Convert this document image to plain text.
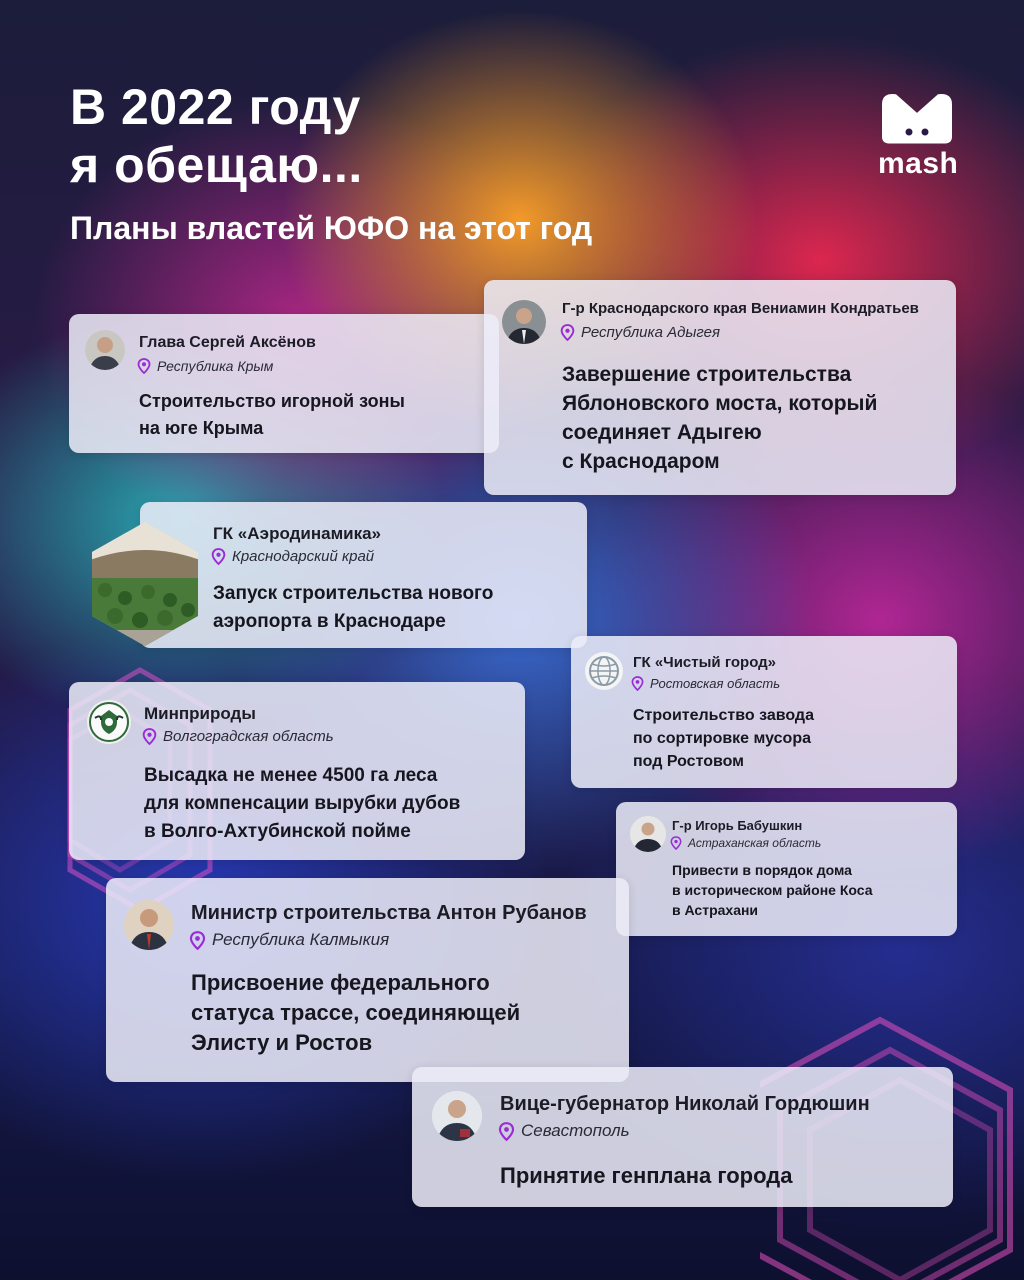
В 2022 году
я обещаю...
Планы властей ЮФО на этот год
mash
Глава Сергей Аксёнов
Республика Крым

Строительство игорной зоны
на юге Крыма

Г-р Краснодарского края Вениамин Кондратьев
Республика Адыгея

Завершение строительства
Яблоновского моста, который
соединяет Адыгею
с Краснодаром

ГК «Аэродинамика»
Краснодарский край

Запуск строительства нового
аэропорта в Краснодаре

ГК «Чистый город»
Ростовская область

Строительство завода
по сортировке мусора
под Ростовом

Минприроды
Волгоградская область

Высадка не менее 4500 га леса
для компенсации вырубки дубов
в Волго-Ахтубинской пойме	Г-р Игорь Бабушкин
Астраханская область

Привести в порядок дома
в историческом районе Коса
в Астрахани

Министр строительства Антон Рубанов
Республика Калмыкия

Присвоение федерального
статуса трассе, соединяющей
Элисту и Ростов

Вице-губернатор Николай Гордюшин
Севастополь

Принятие генплана города
